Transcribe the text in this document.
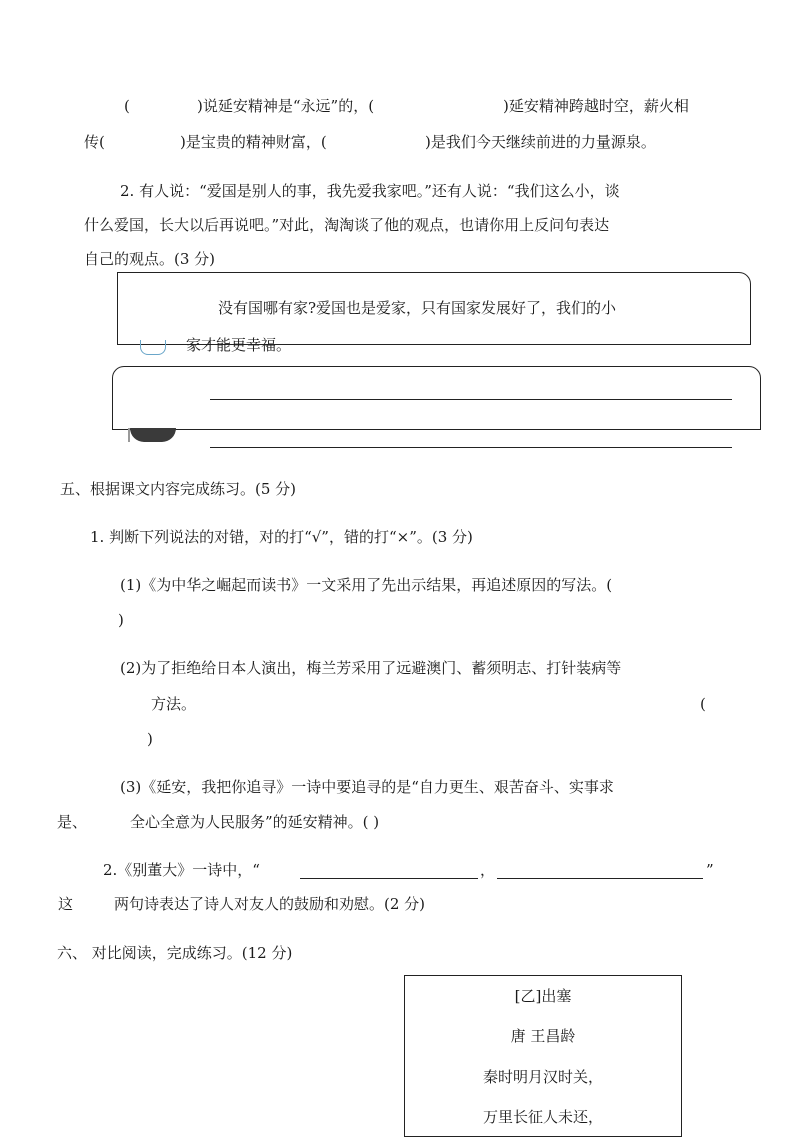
(	)说延安精神是“永远”的，(	)延安精神跨越时空，薪火相
传(	)是宝贵的精神财富，(	)是我们今天继续前进的力量源泉。
2. 有人说：“爱国是别人的事，我先爱我家吧。”还有人说：“我们这么小，谈
什么爱国，长大以后再说吧。”对此，淘淘谈了他的观点，也请你用上反问句表达
自己的观点。(3 分)
没有国哪有家?爱国也是爱家，只有国家发展好了，我们的小
家才能更幸福。
五、根据课文内容完成练习。(5 分)
1. 判断下列说法的对错，对的打“√”，错的打“×”。(3 分)
(1)《为中华之崛起而读书》一文采用了先出示结果，再追述原因的写法。(
)
(2)为了拒绝给日本人演出，梅兰芳采用了远避澳门、蓄须明志、打针装病等
方法。	(
)
(3)《延安，我把你追寻》一诗中要追寻的是“自力更生、艰苦奋斗、实事求
是、	全心全意为人民服务”的延安精神。( )
2.《别董大》一诗中，“	，	”
这	两句诗表达了诗人对友人的鼓励和劝慰。(2 分)
六、 对比阅读，完成练习。(12 分)
[乙]出塞
唐 王昌龄
秦时明月汉时关，
万里长征人未还，
